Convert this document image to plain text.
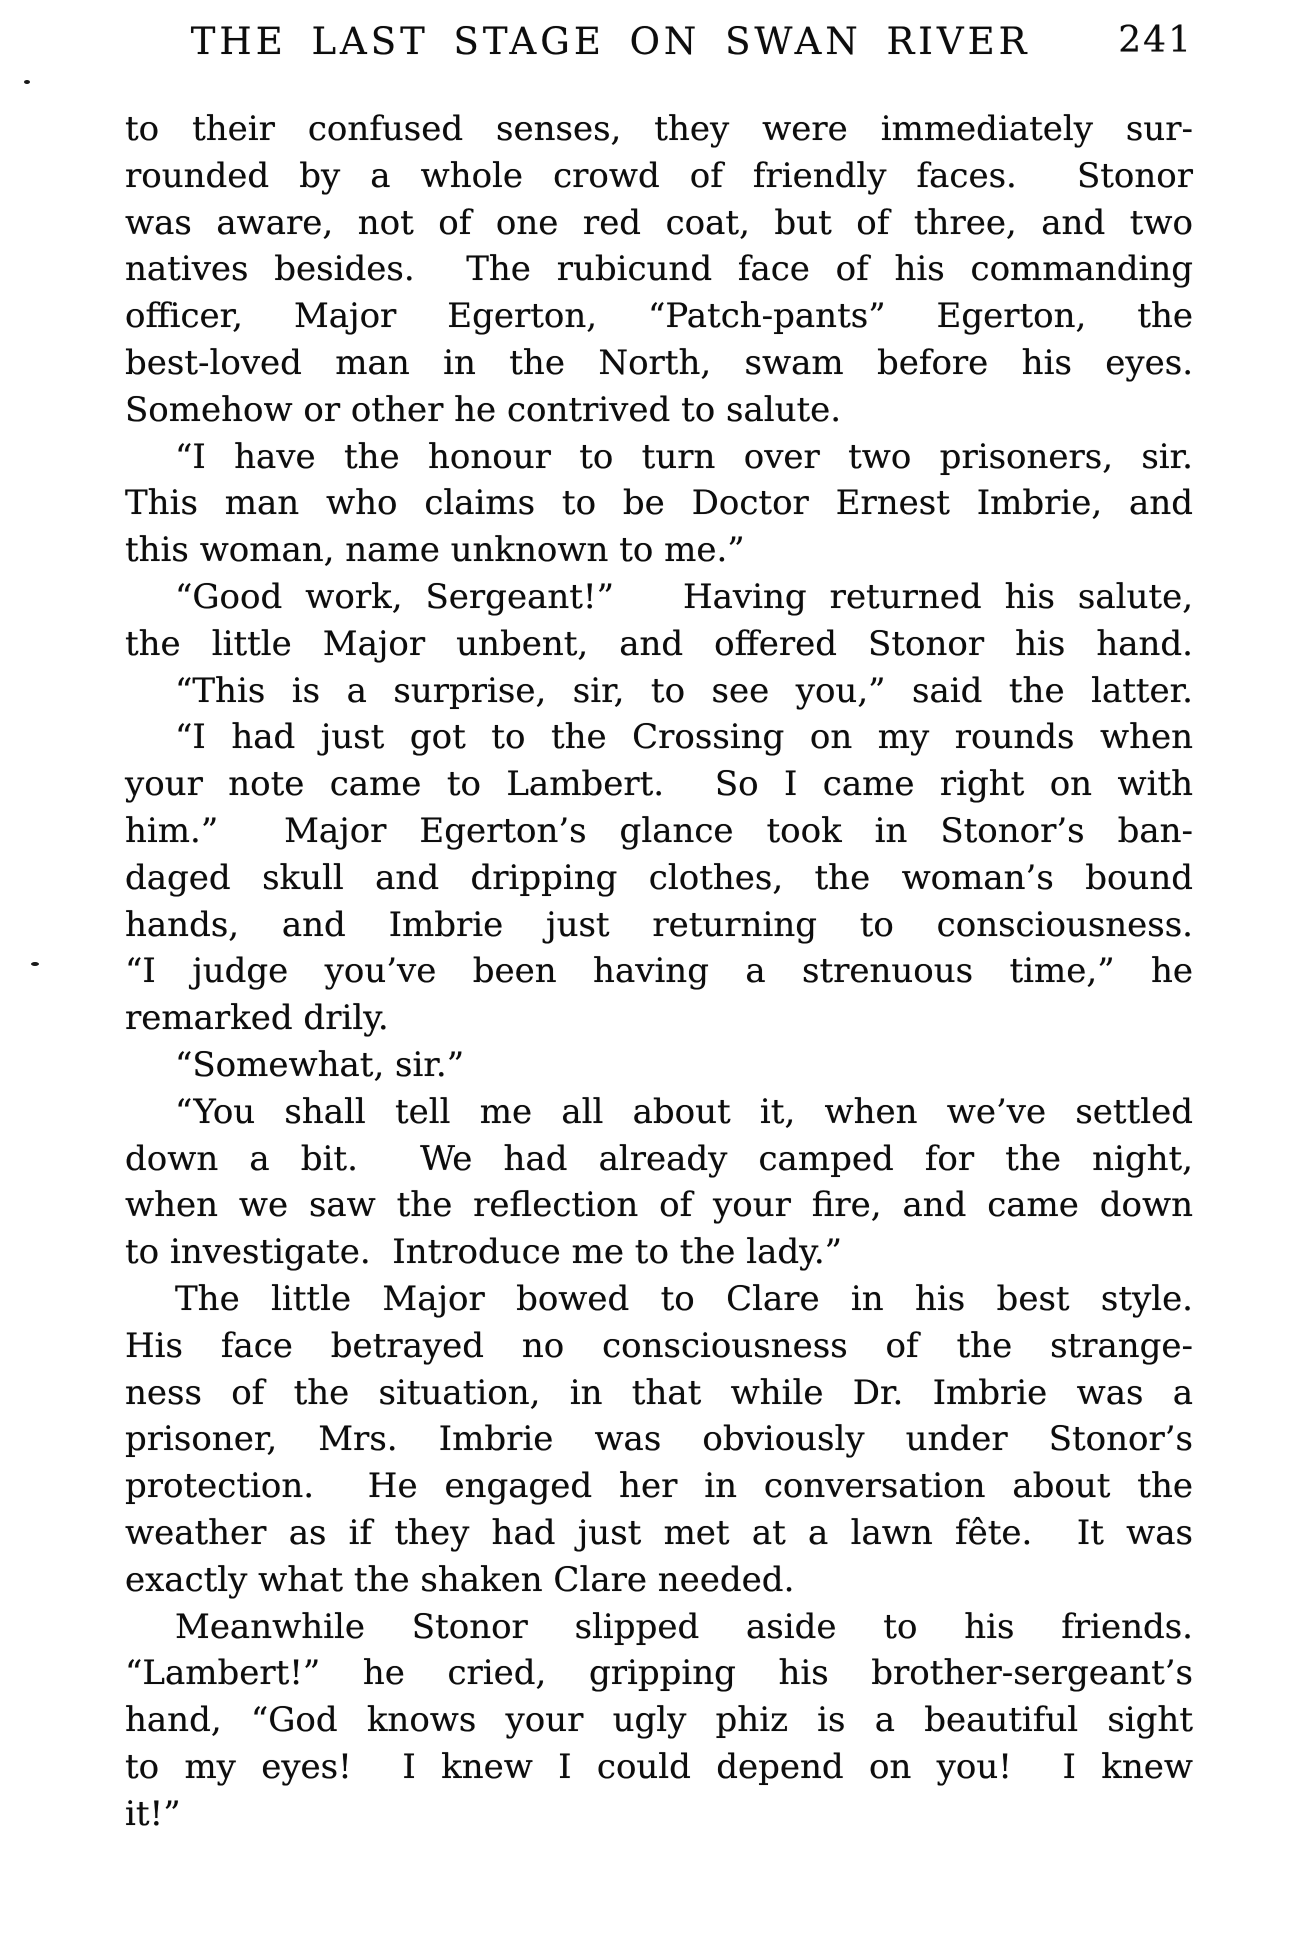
THE LAST STAGE ON SWAN RIVER	241
to their confused senses, they were immediately sur-
rounded by a whole crowd of friendly faces.  Stonor
was aware, not of one red coat, but of three, and two
natives besides.  The rubicund face of his commanding
officer, Major Egerton, “Patch-pants” Egerton, the
best-loved man in the North, swam before his eyes.
Somehow or other he contrived to salute.
“I have the honour to turn over two prisoners, sir.
This man who claims to be Doctor Ernest Imbrie, and
this woman, name unknown to me.”
“Good work, Sergeant!”   Having returned his salute,
the little Major unbent, and offered Stonor his hand.
“This is a surprise, sir, to see you,” said the latter.
“I had just got to the Crossing on my rounds when
your note came to Lambert.  So I came right on with
him.”  Major Egerton’s glance took in Stonor’s ban-
daged skull and dripping clothes, the woman’s bound
hands, and Imbrie just returning to consciousness.
“I judge you’ve been having a strenuous time,” he
remarked drily.
“Somewhat, sir.”
“You shall tell me all about it, when we’ve settled
down a bit.  We had already camped for the night,
when we saw the reflection of your fire, and came down
to investigate.  Introduce me to the lady.”
The little Major bowed to Clare in his best style.
His face betrayed no consciousness of the strange-
ness of the situation, in that while Dr. Imbrie was a
prisoner, Mrs. Imbrie was obviously under Stonor’s
protection.  He engaged her in conversation about the
weather as if they had just met at a lawn fête.  It was
exactly what the shaken Clare needed.
Meanwhile Stonor slipped aside to his friends.
“Lambert!” he cried, gripping his brother-sergeant’s
hand, “God knows your ugly phiz is a beautiful sight
to my eyes!  I knew I could depend on you!  I knew
it!”
